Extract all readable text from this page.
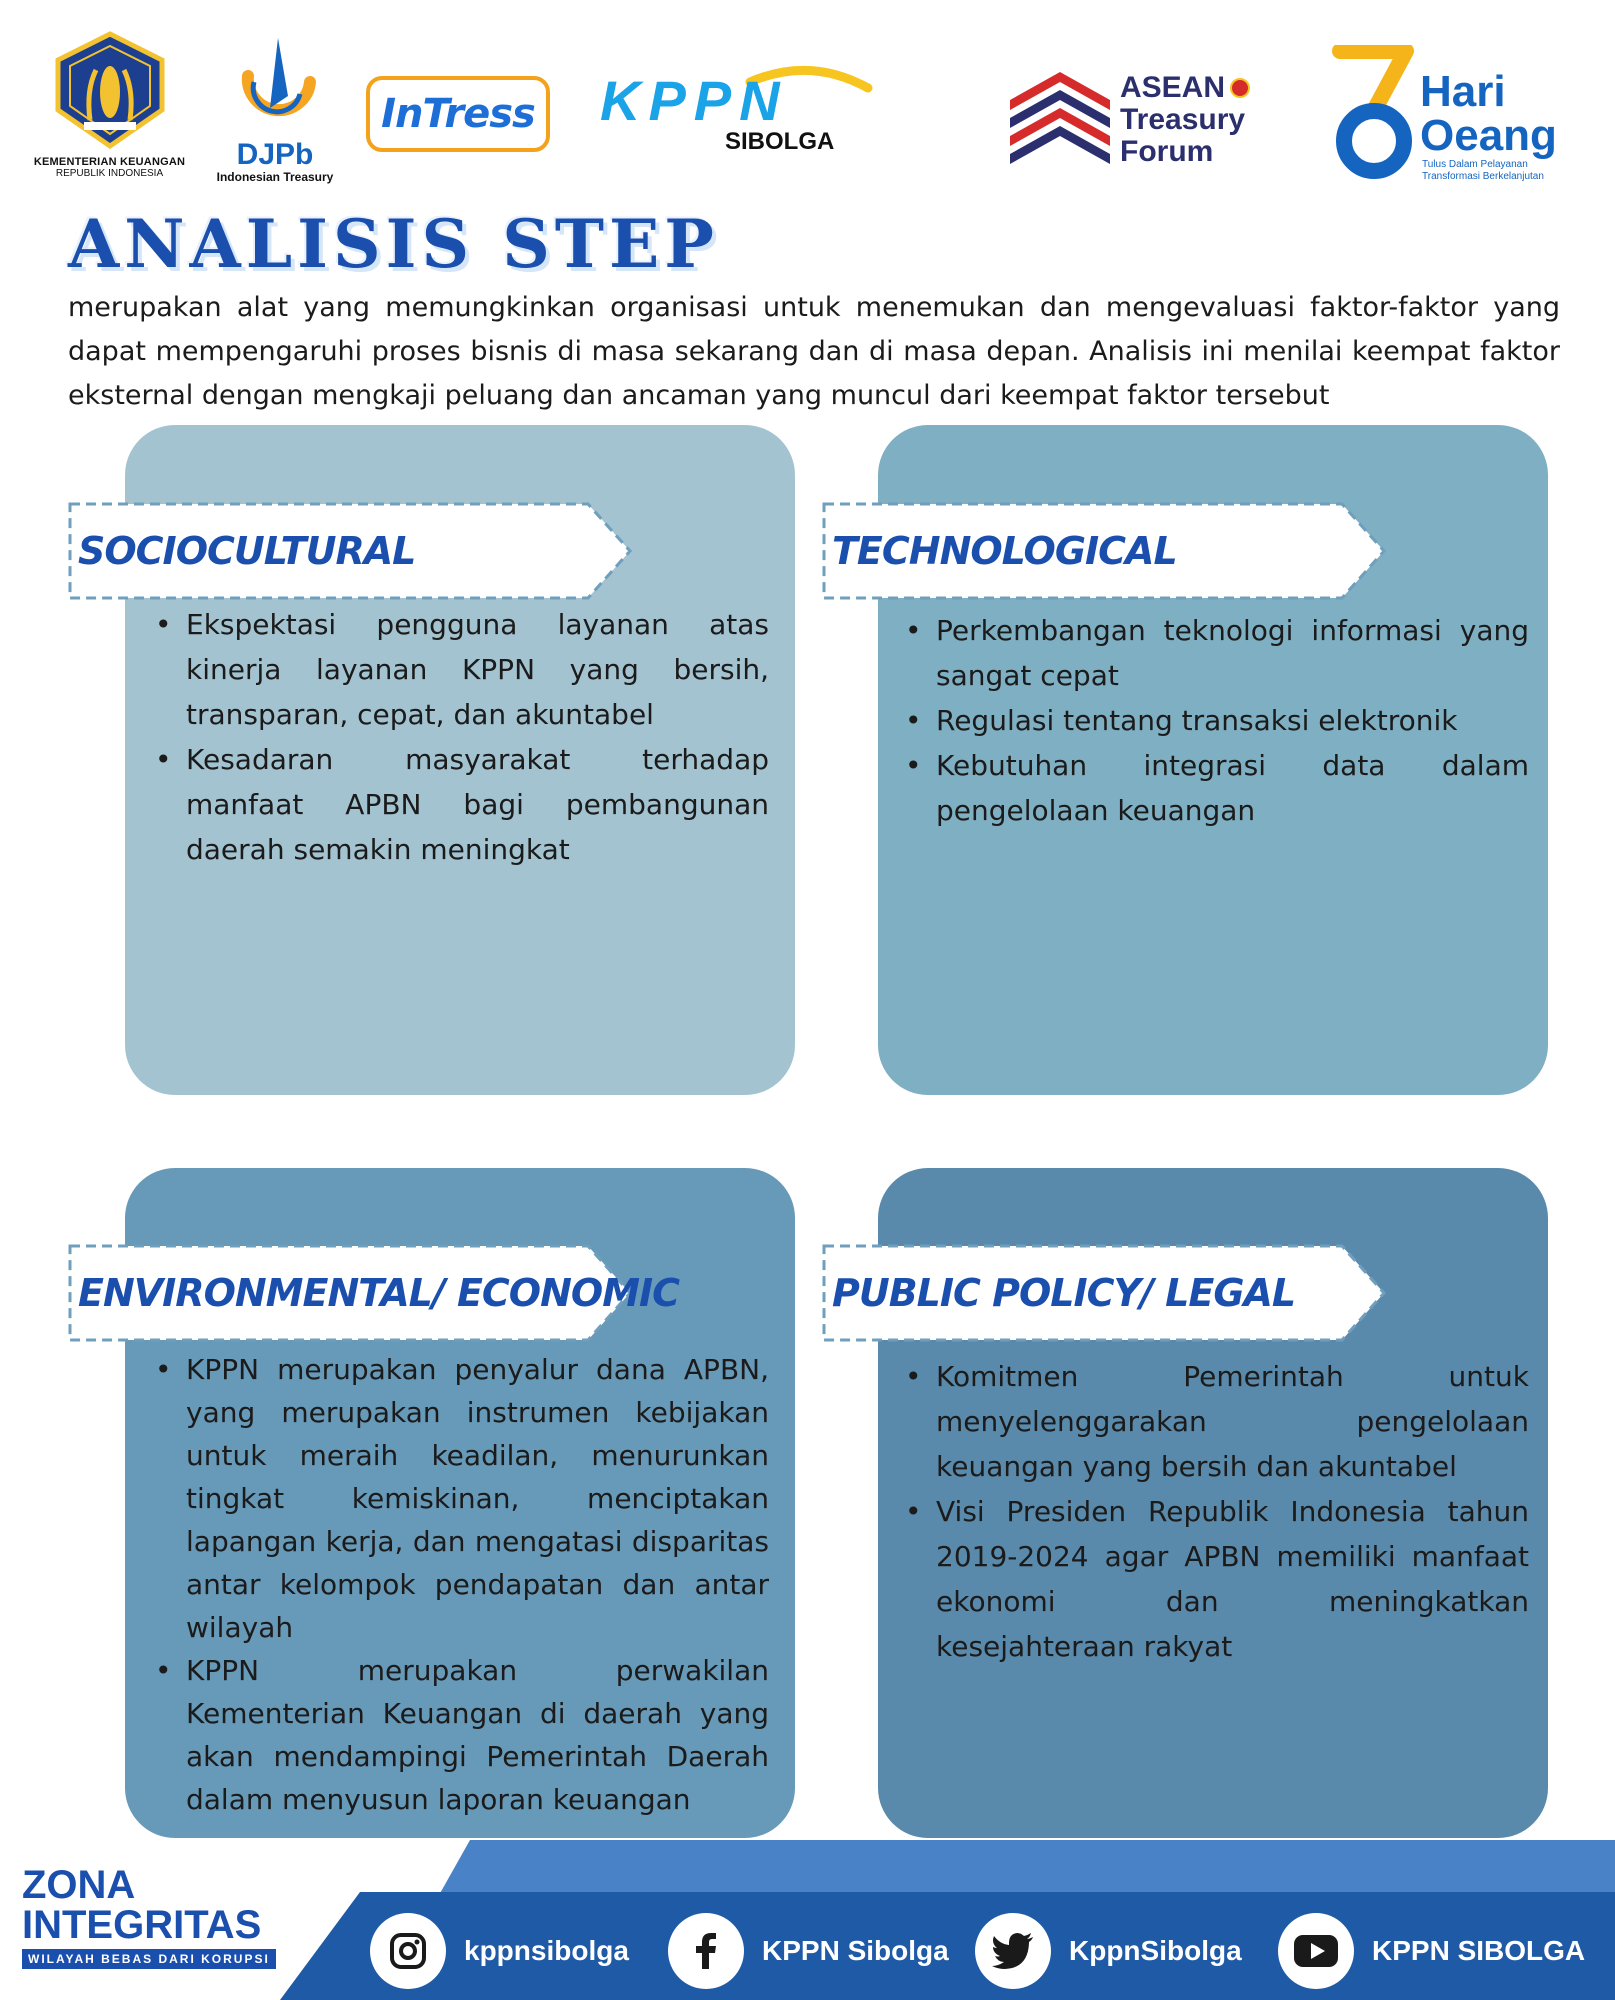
KEMENTERIAN KEUANGAN
REPUBLIK INDONESIA
DJPb
Indonesian Treasury
InTress KPPN
SIBOLGA
ASEAN
Treasury
Forum
Hari
Oeang
Tulus Dalam Pelayanan
Transformasi Berkelanjutan
ANALISIS STEP

merupakan alat yang memungkinkan organisasi untuk menemukan dan mengevaluasi faktor-faktor yang dapat mempengaruhi proses bisnis di masa sekarang dan di masa depan. Analisis ini menilai keempat faktor eksternal dengan mengkaji peluang dan ancaman yang muncul dari keempat faktor tersebut

SOCIOCULTURAL	TECHNOLOGICAL
ENVIRONMENTAL/ ECONOMIC	PUBLIC POLICY/ LEGAL
• Ekspektasi pengguna layanan atas kinerja layanan KPPN yang bersih, transparan, cepat, dan akuntabel
• Kesadaran masyarakat terhadap manfaat APBN bagi pembangunan daerah semakin meningkat
• Perkembangan teknologi informasi yang sangat cepat
• Regulasi tentang transaksi elektronik
• Kebutuhan integrasi data dalam pengelolaan keuangan
• KPPN merupakan penyalur dana APBN, yang merupakan instrumen kebijakan untuk meraih keadilan, menurunkan tingkat kemiskinan, menciptakan lapangan kerja, dan mengatasi disparitas antar kelompok pendapatan dan antar wilayah
• KPPN merupakan perwakilan Kementerian Keuangan di daerah yang akan mendampingi Pemerintah Daerah dalam menyusun laporan keuangan
• Komitmen Pemerintah untuk menyelenggarakan pengelolaan keuangan yang bersih dan akuntabel
• Visi Presiden Republik Indonesia tahun 2019-2024 agar APBN memiliki manfaat ekonomi dan meningkatkan kesejahteraan rakyat
ZONA
INTEGRITAS
WILAYAH BEBAS DARI KORUPSI	kppnsibolga	KPPN Sibolga	KppnSibolga	KPPN SIBOLGA
